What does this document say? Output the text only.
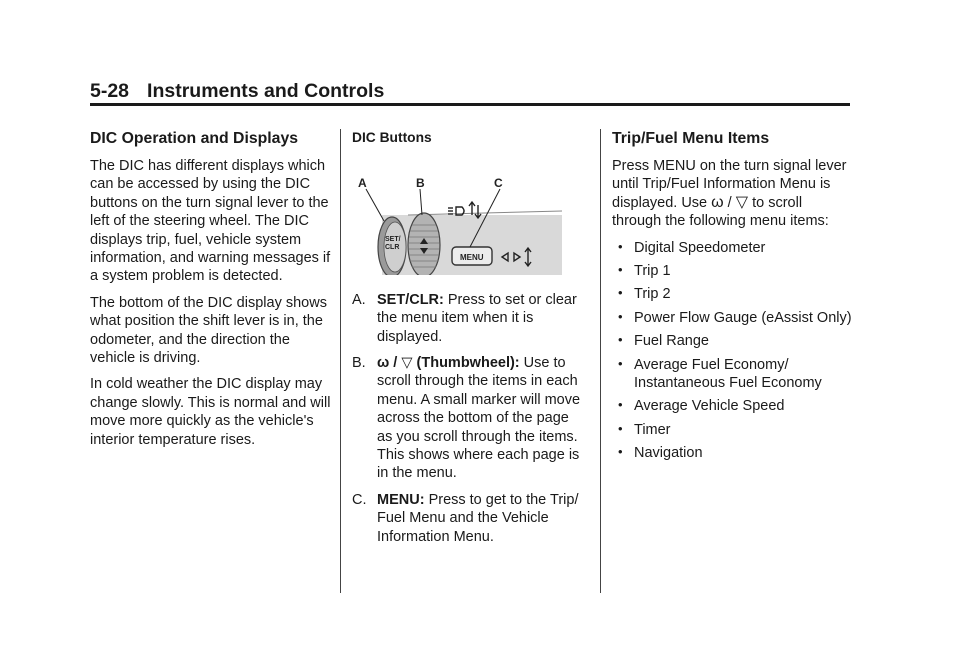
5-28 Instruments and Controls
DIC Operation and Displays

The DIC has different displays which can be accessed by using the DIC buttons on the turn signal lever to the left of the steering wheel. The DIC displays trip, fuel, vehicle system information, and warning messages if a system problem is detected.

The bottom of the DIC display shows what position the shift lever is in, the odometer, and the direction the vehicle is driving.

In cold weather the DIC display may change slowly. This is normal and will move more quickly as the vehicle's interior temperature rises.

DIC Buttons
SET/
CLR
MENU
A	B	C
A. SET/CLR: Press to set or clear the menu item when it is displayed.
B. ω / ▽ (Thumbwheel): Use to scroll through the items in each menu. A small marker will move across the bottom of the page as you scroll through the items. This shows where each page is in the menu.
C. MENU: Press to get to the Trip/ Fuel Menu and the Vehicle Information Menu.
Trip/Fuel Menu Items

Press MENU on the turn signal lever until Trip/Fuel Information Menu is displayed. Use ω / ▽ to scroll through the following menu items:

• Digital Speedometer
• Trip 1
• Trip 2
• Power Flow Gauge (eAssist Only)
• Fuel Range
• Average Fuel Economy/ Instantaneous Fuel Economy
• Average Vehicle Speed
• Timer
• Navigation
